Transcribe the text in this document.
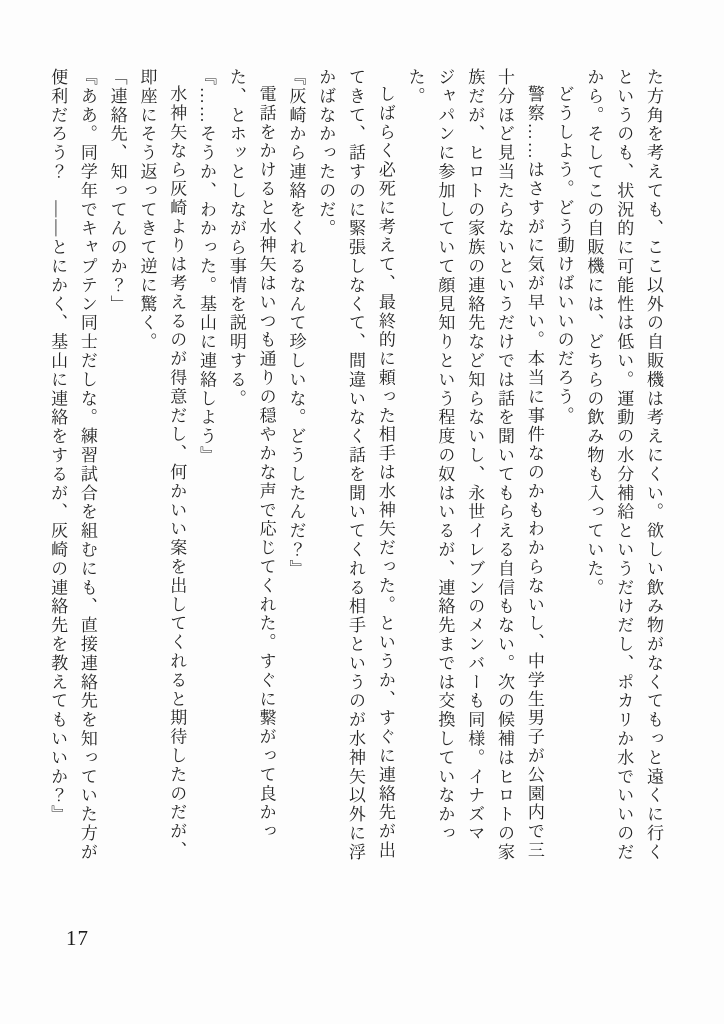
た方角を考えても、ここ以外の自販機は考えにくい。欲しい飲み物がなくてもっと遠くに行くというのも、状況的に可能性は低い。運動の水分補給というだけだし、ポカリか水でいいのだから。そしてこの自販機には、どちらの飲み物も入っていた。

どうしよう。どう動けばいいのだろう。

警察……はさすがに気が早い。本当に事件なのかもわからないし、中学生男子が公園内で三十分ほど見当たらないというだけでは話を聞いてもらえる自信もない。次の候補はヒロトの家族だが、ヒロトの家族の連絡先など知らないし、永世イレブンのメンバーも同様。イナズマジャパンに参加していて顔見知りという程度の奴はいるが、連絡先までは交換していなかった。

しばらく必死に考えて、最終的に頼った相手は水神矢だった。というか、すぐに連絡先が出てきて、話すのに緊張しなくて、間違いなく話を聞いてくれる相手というのが水神矢以外に浮かばなかったのだ。

『灰崎から連絡をくれるなんて珍しいな。どうしたんだ？』

電話をかけると水神矢はいつも通りの穏やかな声で応じてくれた。すぐに繋がって良かった、とホッとしながら事情を説明する。

『……そうか、わかった。基山に連絡しよう』

水神矢なら灰崎よりは考えるのが得意だし、何かいい案を出してくれると期待したのだが、即座にそう返ってきて逆に驚く。

「連絡先、知ってんのか？」

『ああ。同学年でキャプテン同士だしな。練習試合を組むにも、直接連絡先を知っていた方が便利だろう？　――とにかく、基山に連絡をするが、灰崎の連絡先を教えてもいいか？』

17
